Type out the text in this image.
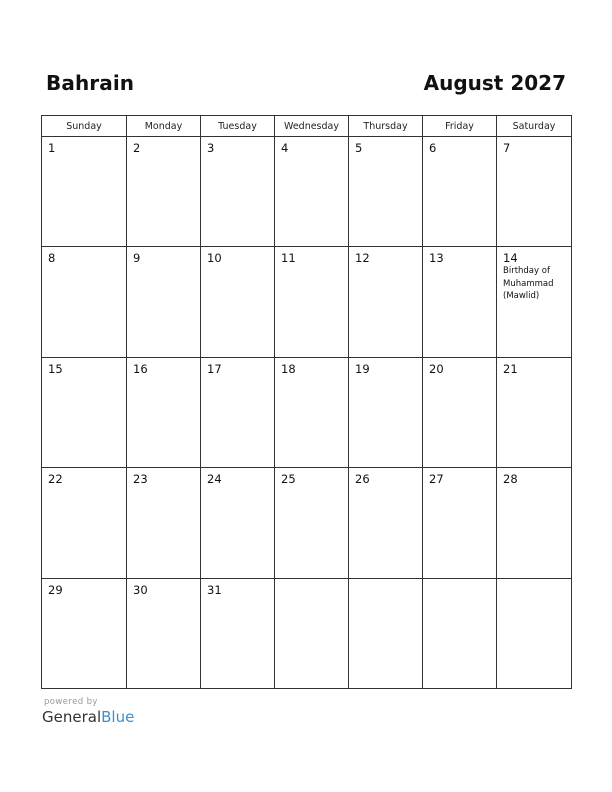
Bahrain	August 2027
Sunday	Monday	Tuesday	Wednesday	Thursday	Friday	Saturday

1	2	3	4	5	6	7

8	9	10	11	12	13	14
Birthday of
Muhammad
(Mawlid)

15	16	17	18	19	20	21

22	23	24	25	26	27	28

29	30	31				

powered by
GeneralBlue
